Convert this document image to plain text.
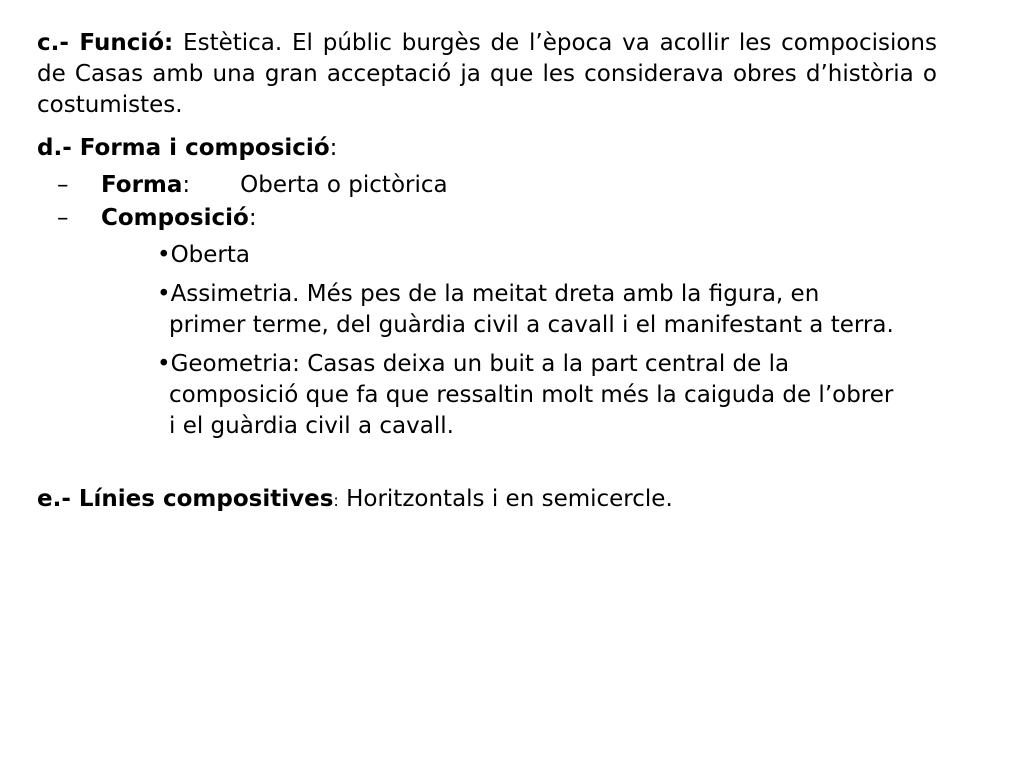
c.- Funció: Estètica. El públic burgès de l’època va acollir les compocisions de Casas amb una gran acceptació ja que les considerava obres d’història o costumistes.

d.- Forma i composició:
– Forma: Oberta o pictòrica
– Composició:
•Oberta
•Assimetria. Més pes de la meitat dreta amb la figura, en primer terme, del guàrdia civil a cavall i el manifestant a terra.
•Geometria: Casas deixa un buit a la part central de la composició que fa que ressaltin molt més la caiguda de l’obrer i el guàrdia civil a cavall.
e.- Línies compositives: Horitzontals i en semicercle.
